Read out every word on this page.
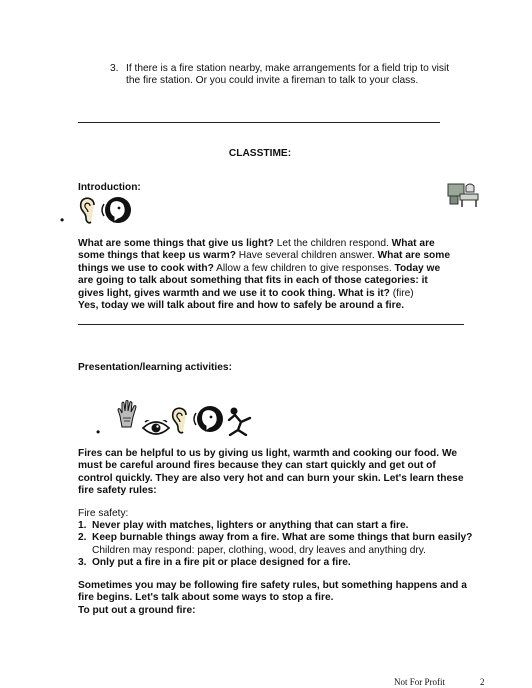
3. If there is a fire station nearby, make arrangements for a field trip to visit the fire station. Or you could invite a fireman to talk to your class.
CLASSTIME:
Introduction:
•
What are some things that give us light? Let the children respond. What are some things that keep us warm? Have several children answer. What are some things we use to cook with? Allow a few children to give responses. Today we are going to talk about something that fits in each of those categories: it gives light, gives warmth and we use it to cook thing. What is it? (fire)
Yes, today we will talk about fire and how to safely be around a fire.
Presentation/learning activities:
•
Fires can be helpful to us by giving us light, warmth and cooking our food. We must be careful around fires because they can start quickly and get out of control quickly. They are also very hot and can burn your skin. Let's learn these fire safety rules:
Fire safety:
1. Never play with matches, lighters or anything that can start a fire.
2. Keep burnable things away from a fire. What are some things that burn easily?
Children may respond: paper, clothing, wood, dry leaves and anything dry.
3. Only put a fire in a fire pit or place designed for a fire.
Sometimes you may be following fire safety rules, but something happens and a fire begins. Let's talk about some ways to stop a fire.
To put out a ground fire:
Not For Profit	2
